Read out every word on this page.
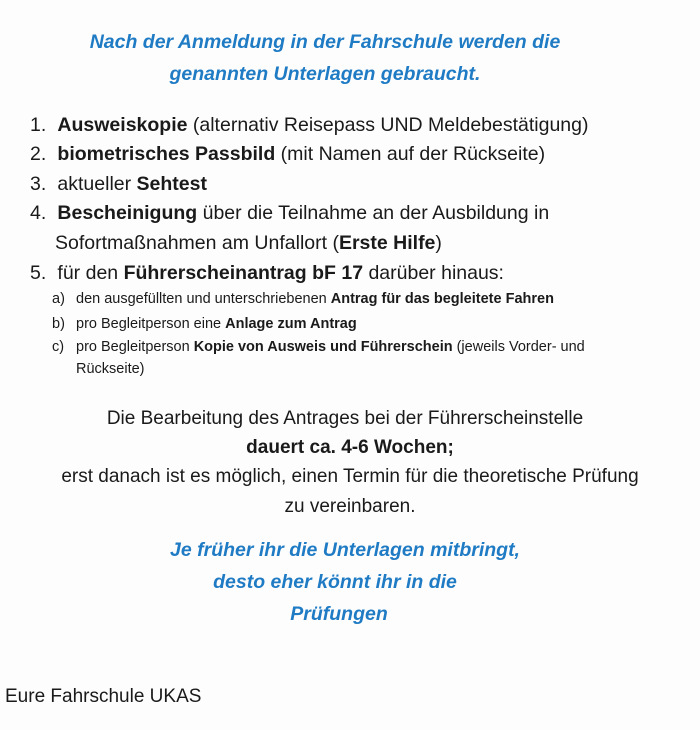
Nach der Anmeldung in der Fahrschule werden die
genannten Unterlagen gebraucht.
1. Ausweiskopie (alternativ Reisepass UND Meldebestätigung)
2. biometrisches Passbild (mit Namen auf der Rückseite)
3. aktueller Sehtest
4. Bescheinigung über die Teilnahme an der Ausbildung in
Sofortmaßnahmen am Unfallort (Erste Hilfe)
5. für den Führerscheinantrag bF 17 darüber hinaus:
a) den ausgefüllten und unterschriebenen Antrag für das begleitete Fahren
b) pro Begleitperson eine Anlage zum Antrag
c) pro Begleitperson Kopie von Ausweis und Führerschein (jeweils Vorder- und
Rückseite)
Die Bearbeitung des Antrages bei der Führerscheinstelle
dauert ca. 4-6 Wochen;
erst danach ist es möglich, einen Termin für die theoretische Prüfung
zu vereinbaren.
Je früher ihr die Unterlagen mitbringt,
desto eher könnt ihr in die
Prüfungen
Eure Fahrschule UKAS
